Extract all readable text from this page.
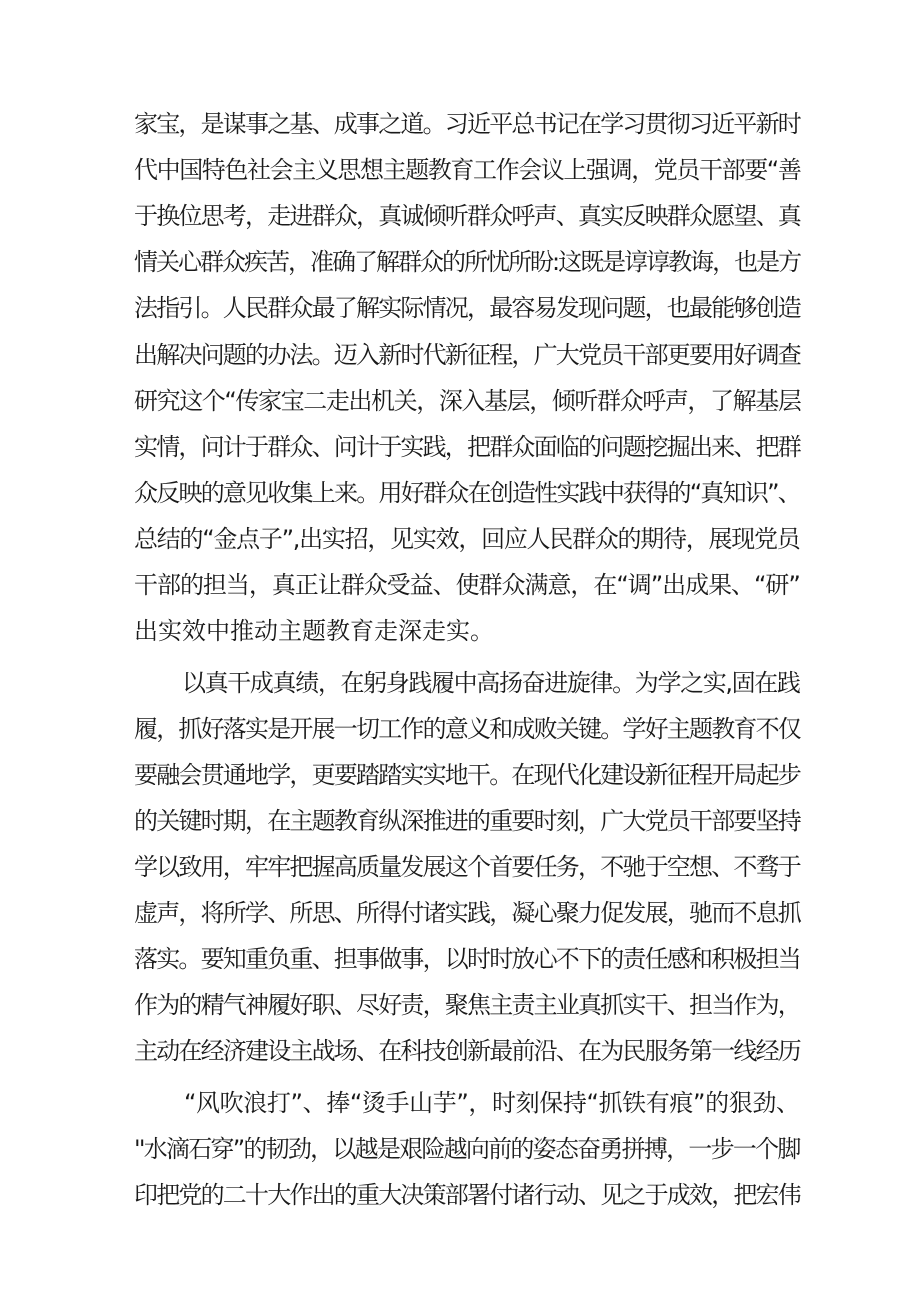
家宝，是谋事之基、成事之道。习近平总书记在学习贯彻习近平新时
代中国特色社会主义思想主题教育工作会议上强调，党员干部要“善
于换位思考，走进群众，真诚倾听群众呼声、真实反映群众愿望、真
情关心群众疾苦，准确了解群众的所忧所盼:这既是谆谆教诲，也是方
法指引。人民群众最了解实际情况，最容易发现问题，也最能够创造
出解决问题的办法。迈入新时代新征程，广大党员干部更要用好调查
研究这个“传家宝二走出机关，深入基层，倾听群众呼声，了解基层
实情，问计于群众、问计于实践，把群众面临的问题挖掘出来、把群
众反映的意见收集上来。用好群众在创造性实践中获得的“真知识”、
总结的“金点子”,出实招，见实效，回应人民群众的期待，展现党员
干部的担当，真正让群众受益、使群众满意，在“调”出成果、“研”
出实效中推动主题教育走深走实。
以真干成真绩，在躬身践履中高扬奋进旋律。为学之实,固在践
履，抓好落实是开展一切工作的意义和成败关键。学好主题教育不仅
要融会贯通地学，更要踏踏实实地干。在现代化建设新征程开局起步
的关键时期，在主题教育纵深推进的重要时刻，广大党员干部要坚持
学以致用，牢牢把握高质量发展这个首要任务，不驰于空想、不骛于
虚声，将所学、所思、所得付诸实践，凝心聚力促发展，驰而不息抓
落实。要知重负重、担事做事，以时时放心不下的责任感和积极担当
作为的精气神履好职、尽好责，聚焦主责主业真抓实干、担当作为，
主动在经济建设主战场、在科技创新最前沿、在为民服务第一线经历
“风吹浪打”、捧“烫手山芋”，时刻保持“抓铁有痕”的狠劲、
''水滴石穿”的韧劲，以越是艰险越向前的姿态奋勇拼搏，一步一个脚
印把党的二十大作出的重大决策部署付诸行动、见之于成效，把宏伟
